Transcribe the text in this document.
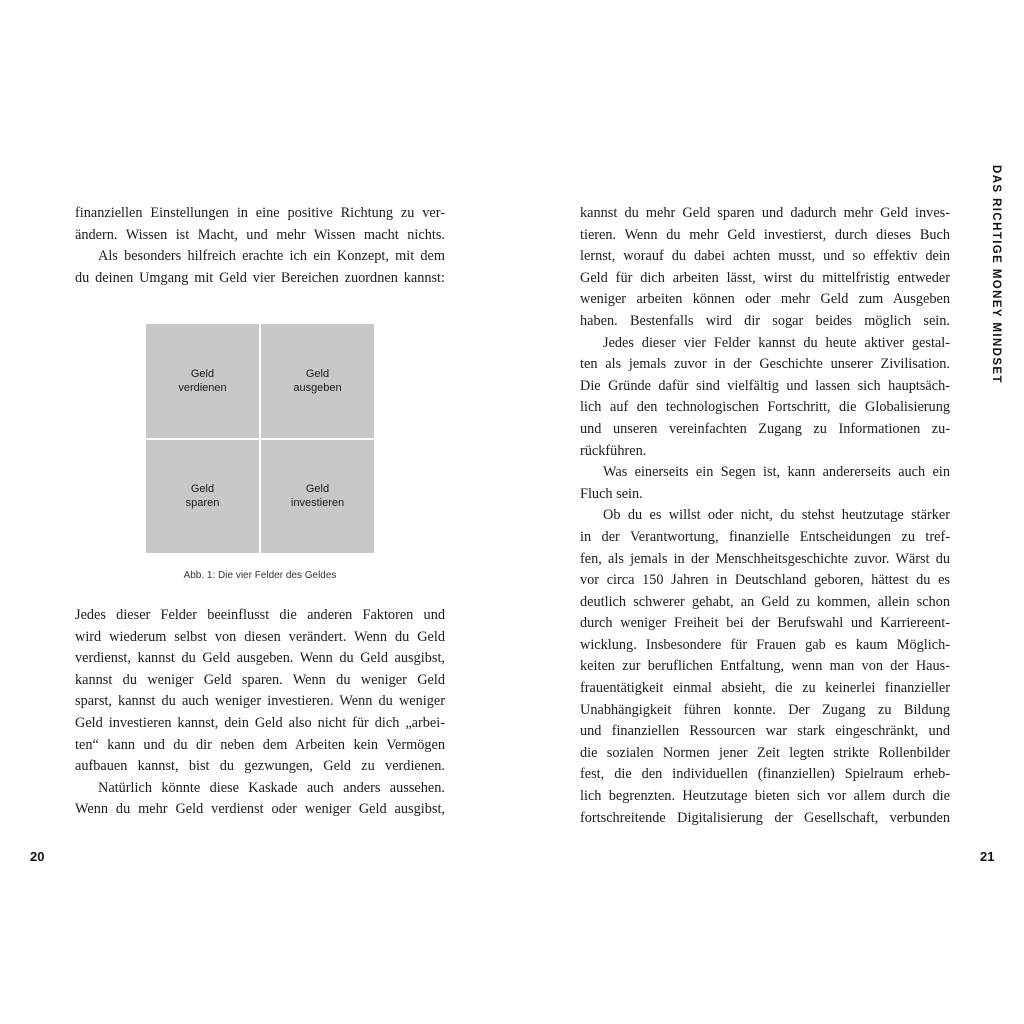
finanziellen Einstellungen in eine positive Richtung zu ver-
ändern. Wissen ist Macht, und mehr Wissen macht nichts.

Als besonders hilfreich erachte ich ein Konzept, mit dem
du deinen Umgang mit Geld vier Bereichen zuordnen kannst:

Geld
verdienen
Geld
ausgeben
Geld
sparen
Geld
investieren
Abb. 1: Die vier Felder des Geldes

Jedes dieser Felder beeinflusst die anderen Faktoren und
wird wiederum selbst von diesen verändert. Wenn du Geld
verdienst, kannst du Geld ausgeben. Wenn du Geld ausgibst,
kannst du weniger Geld sparen. Wenn du weniger Geld
sparst, kannst du auch weniger investieren. Wenn du weniger
Geld investieren kannst, dein Geld also nicht für dich „arbei-
ten“ kann und du dir neben dem Arbeiten kein Vermögen
aufbauen kannst, bist du gezwungen, Geld zu verdienen.

Natürlich könnte diese Kaskade auch anders aussehen.
Wenn du mehr Geld verdienst oder weniger Geld ausgibst,

20

kannst du mehr Geld sparen und dadurch mehr Geld inves-
tieren. Wenn du mehr Geld investierst, durch dieses Buch
lernst, worauf du dabei achten musst, und so effektiv dein
Geld für dich arbeiten lässt, wirst du mittelfristig entweder
weniger arbeiten können oder mehr Geld zum Ausgeben
haben. Bestenfalls wird dir sogar beides möglich sein.

Jedes dieser vier Felder kannst du heute aktiver gestal-
ten als jemals zuvor in der Geschichte unserer Zivilisation.
Die Gründe dafür sind vielfältig und lassen sich hauptsäch-
lich auf den technologischen Fortschritt, die Globalisierung
und unseren vereinfachten Zugang zu Informationen zu-
rückführen.

Was einerseits ein Segen ist, kann andererseits auch ein
Fluch sein.

Ob du es willst oder nicht, du stehst heutzutage stärker
in der Verantwortung, finanzielle Entscheidungen zu tref-
fen, als jemals in der Menschheitsgeschichte zuvor. Wärst du
vor circa 150 Jahren in Deutschland geboren, hättest du es
deutlich schwerer gehabt, an Geld zu kommen, allein schon
durch weniger Freiheit bei der Berufswahl und Karriereent-
wicklung. Insbesondere für Frauen gab es kaum Möglich-
keiten zur beruflichen Entfaltung, wenn man von der Haus-
frauentätigkeit einmal absieht, die zu keinerlei finanzieller
Unabhängigkeit führen konnte. Der Zugang zu Bildung
und finanziellen Ressourcen war stark eingeschränkt, und
die sozialen Normen jener Zeit legten strikte Rollenbilder
fest, die den individuellen (finanziellen) Spielraum erheb-
lich begrenzten. Heutzutage bieten sich vor allem durch die
fortschreitende Digitalisierung der Gesellschaft, verbunden

DAS RICHTIGE MONEY MINDSET
21
